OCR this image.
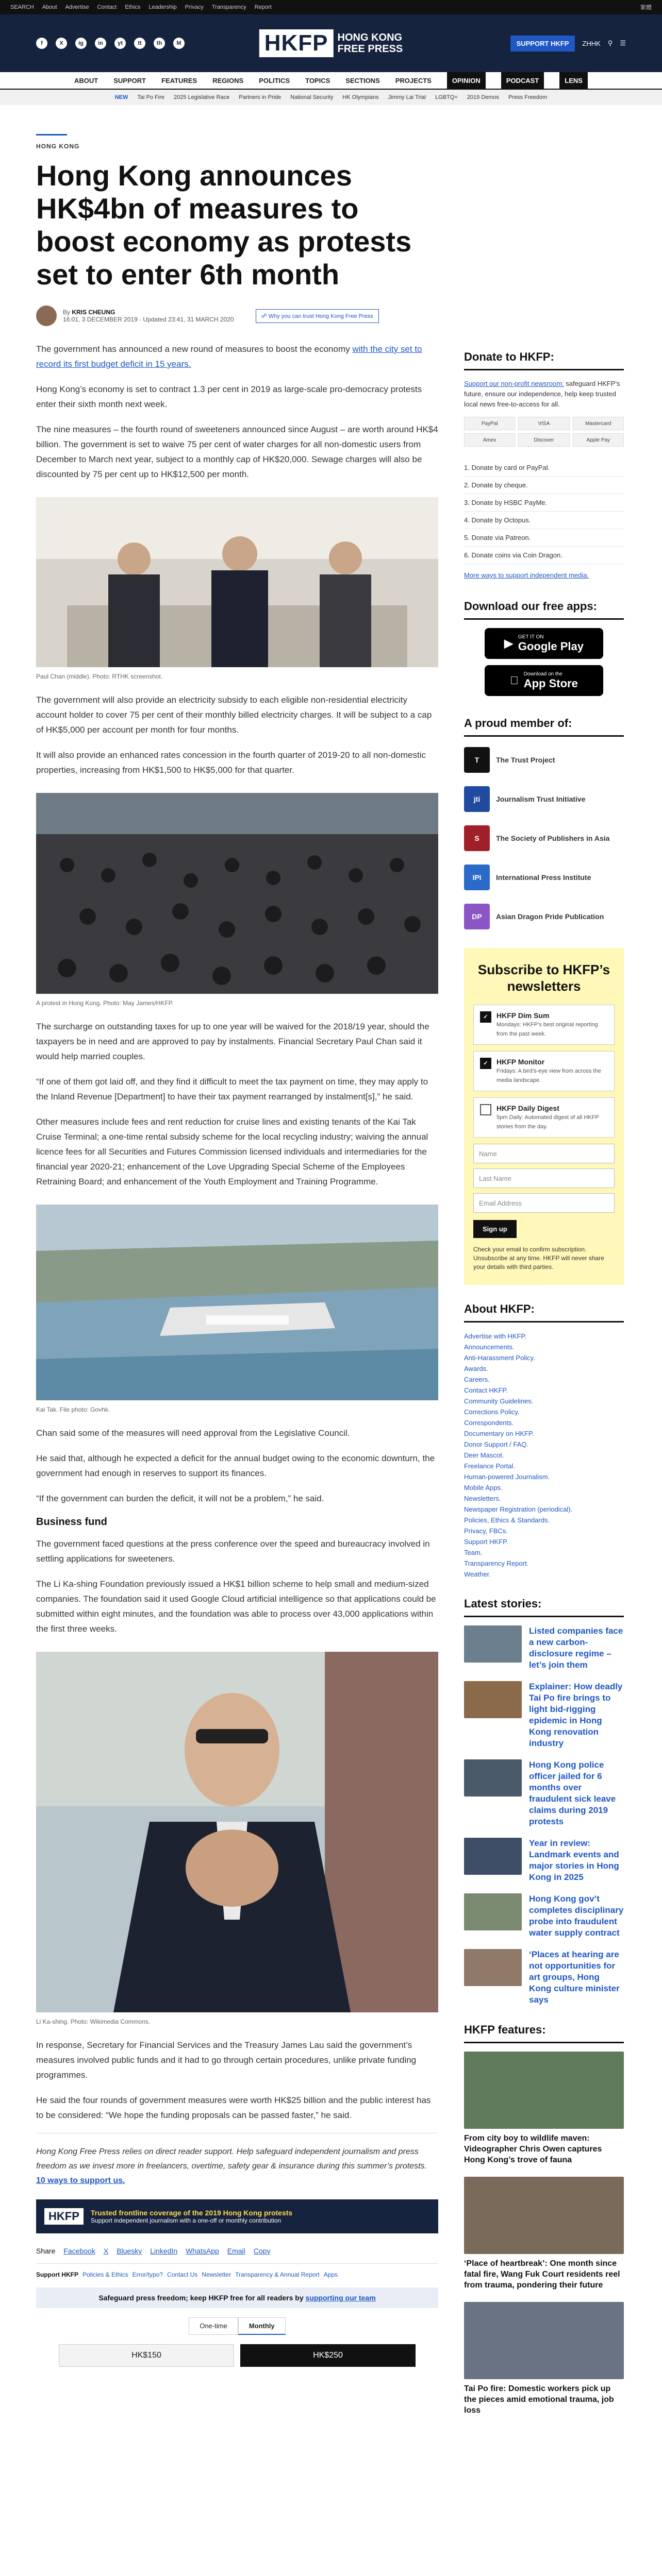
SEARCH About Advertise Contact Ethics Leadership Privacy Transparency Report	繁體
f	X	ig	in	yt	tt	th	M	HKFP HONG KONG
FREE PRESS	SUPPORT HKFP	ZHHK ⚲ ☰
ABOUT SUPPORT FEATURES REGIONS POLITICS TOPICS SECTIONS PROJECTS	OPINION	PODCAST	LENS
NEW Tai Po Fire 2025 Legislative Race Partners in Pride National Security HK Olympians Jimmy Lai Trial LGBTQ+ 2019 Demos Press Freedom
HONG KONG
Hong Kong announces HK$4bn of measures to boost economy as protests set to enter 6th month
By KRIS CHEUNG
16:01, 3 DECEMBER 2019 · Updated 23:41, 31 MARCH 2020	☍ Why you can trust Hong Kong Free Press

The government has announced a new round of measures to boost the economy with the city set to record its first budget deficit in 15 years.

Hong Kong’s economy is set to contract 1.3 per cent in 2019 as large-scale pro-democracy protests enter their sixth month next week.

The nine measures – the fourth round of sweeteners announced since August – are worth around HK$4 billion. The government is set to waive 75 per cent of water charges for all non-domestic users from December to March next year, subject to a monthly cap of HK$20,000. Sewage charges will also be discounted by 75 per cent up to HK$12,500 per month.

Paul Chan (middle). Photo: RTHK screenshot.

The government will also provide an electricity subsidy to each eligible non-residential electricity account holder to cover 75 per cent of their monthly billed electricity charges. It will be subject to a cap of HK$5,000 per account per month for four months.

It will also provide an enhanced rates concession in the fourth quarter of 2019-20 to all non-domestic properties, increasing from HK$1,500 to HK$5,000 for that quarter.

A protest in Hong Kong. Photo: May James/HKFP.

The surcharge on outstanding taxes for up to one year will be waived for the 2018/19 year, should the taxpayers be in need and are approved to pay by instalments. Financial Secretary Paul Chan said it would help married couples.

“If one of them got laid off, and they find it difficult to meet the tax payment on time, they may apply to the Inland Revenue [Department] to have their tax payment rearranged by instalment[s],” he said.

Other measures include fees and rent reduction for cruise lines and existing tenants of the Kai Tak Cruise Terminal; a one-time rental subsidy scheme for the local recycling industry; waiving the annual licence fees for all Securities and Futures Commission licensed individuals and intermediaries for the financial year 2020-21; enhancement of the Love Upgrading Special Scheme of the Employees Retraining Board; and enhancement of the Youth Employment and Training Programme.

Kai Tak. File photo: Govhk.

Chan said some of the measures will need approval from the Legislative Council.

He said that, although he expected a deficit for the annual budget owing to the economic downturn, the government had enough in reserves to support its finances.

“If the government can burden the deficit, it will not be a problem,” he said.

Business fund

The government faced questions at the press conference over the speed and bureaucracy involved in settling applications for sweeteners.

The Li Ka-shing Foundation previously issued a HK$1 billion scheme to help small and medium-sized companies. The foundation said it used Google Cloud artificial intelligence so that applications could be submitted within eight minutes, and the foundation was able to process over 43,000 applications within the first three weeks.

Li Ka-shing. Photo: Wikimedia Commons.

In response, Secretary for Financial Services and the Treasury James Lau said the government’s measures involved public funds and it had to go through certain procedures, unlike private funding programmes.

He said the four rounds of government measures were worth HK$25 billion and the public interest has to be considered: “We hope the funding proposals can be passed faster,” he said.

Hong Kong Free Press relies on direct reader support. Help safeguard independent journalism and press freedom as we invest more in freelancers, overtime, safety gear & insurance during this summer’s protests. 10 ways to support us.
HKFP	Trusted frontline coverage of the 2019 Hong Kong protests
Support independent journalism with a one-off or monthly contribution
Share Facebook X Bluesky LinkedIn WhatsApp Email Copy
Support HKFP Policies & Ethics Error/typo? Contact Us Newsletter Transparency & Annual Report Apps
Safeguard press freedom; keep HKFP free for all readers by supporting our team
One-time	Monthly
HK$150	HK$250
Donate to HKFP:
Support our non-profit newsroom: safeguard HKFP’s future, ensure our independence, help keep trusted local news free-to-access for all.
PayPal	VISA	Mastercard
Amex	Discover	Apple Pay
1. Donate by card or PayPal.
2. Donate by cheque.
3. Donate by HSBC PayMe.
4. Donate by Octopus.
5. Donate via Patreon.
6. Donate coins via Coin Dragon.
More ways to support independent media.
Download our free apps:
▶ GET IT ON
Google Play
Download on the
App Store
A proud member of:
T	The Trust Project
jti	Journalism Trust Initiative
S	The Society of Publishers in Asia
IPI	International Press Institute
DP	Asian Dragon Pride Publication
Subscribe to HKFP’s newsletters
✓	HKFP Dim Sum
Mondays: HKFP’s best original reporting from the past week.
✓	HKFP Monitor
Fridays: A bird’s-eye view from across the media landscape.
HKFP Daily Digest
5pm Daily: Automated digest of all HKFP stories from the day.
Name
Last Name
Email Address
Sign up
Check your email to confirm subscription. Unsubscribe at any time. HKFP will never share your details with third parties.
About HKFP:
Advertise with HKFP.
Announcements.
Anti-Harassment Policy.
Awards.
Careers.
Contact HKFP.
Community Guidelines.
Corrections Policy.
Correspondents.
Documentary on HKFP.
Donor Support / FAQ.
Deer Mascot.
Freelance Portal.
Human-powered Journalism.
Mobile Apps.
Newsletters.
Newspaper Registration (periodical).
Policies, Ethics & Standards.
Privacy, FBCs.
Support HKFP.
Team.
Transparency Report.
Weather.
Latest stories:
Listed companies face a new carbon-disclosure regime – let’s join them
Explainer: How deadly Tai Po fire brings to light bid-rigging epidemic in Hong Kong renovation industry
Hong Kong police officer jailed for 6 months over fraudulent sick leave claims during 2019 protests
Year in review: Landmark events and major stories in Hong Kong in 2025
Hong Kong gov’t completes disciplinary probe into fraudulent water supply contract
‘Places at hearing are not opportunities for art groups, Hong Kong culture minister says
HKFP features:
From city boy to wildlife maven: Videographer Chris Owen captures Hong Kong’s trove of fauna
‘Place of heartbreak’: One month since fatal fire, Wang Fuk Court residents reel from trauma, pondering their future
Tai Po fire: Domestic workers pick up the pieces amid emotional trauma, job loss
